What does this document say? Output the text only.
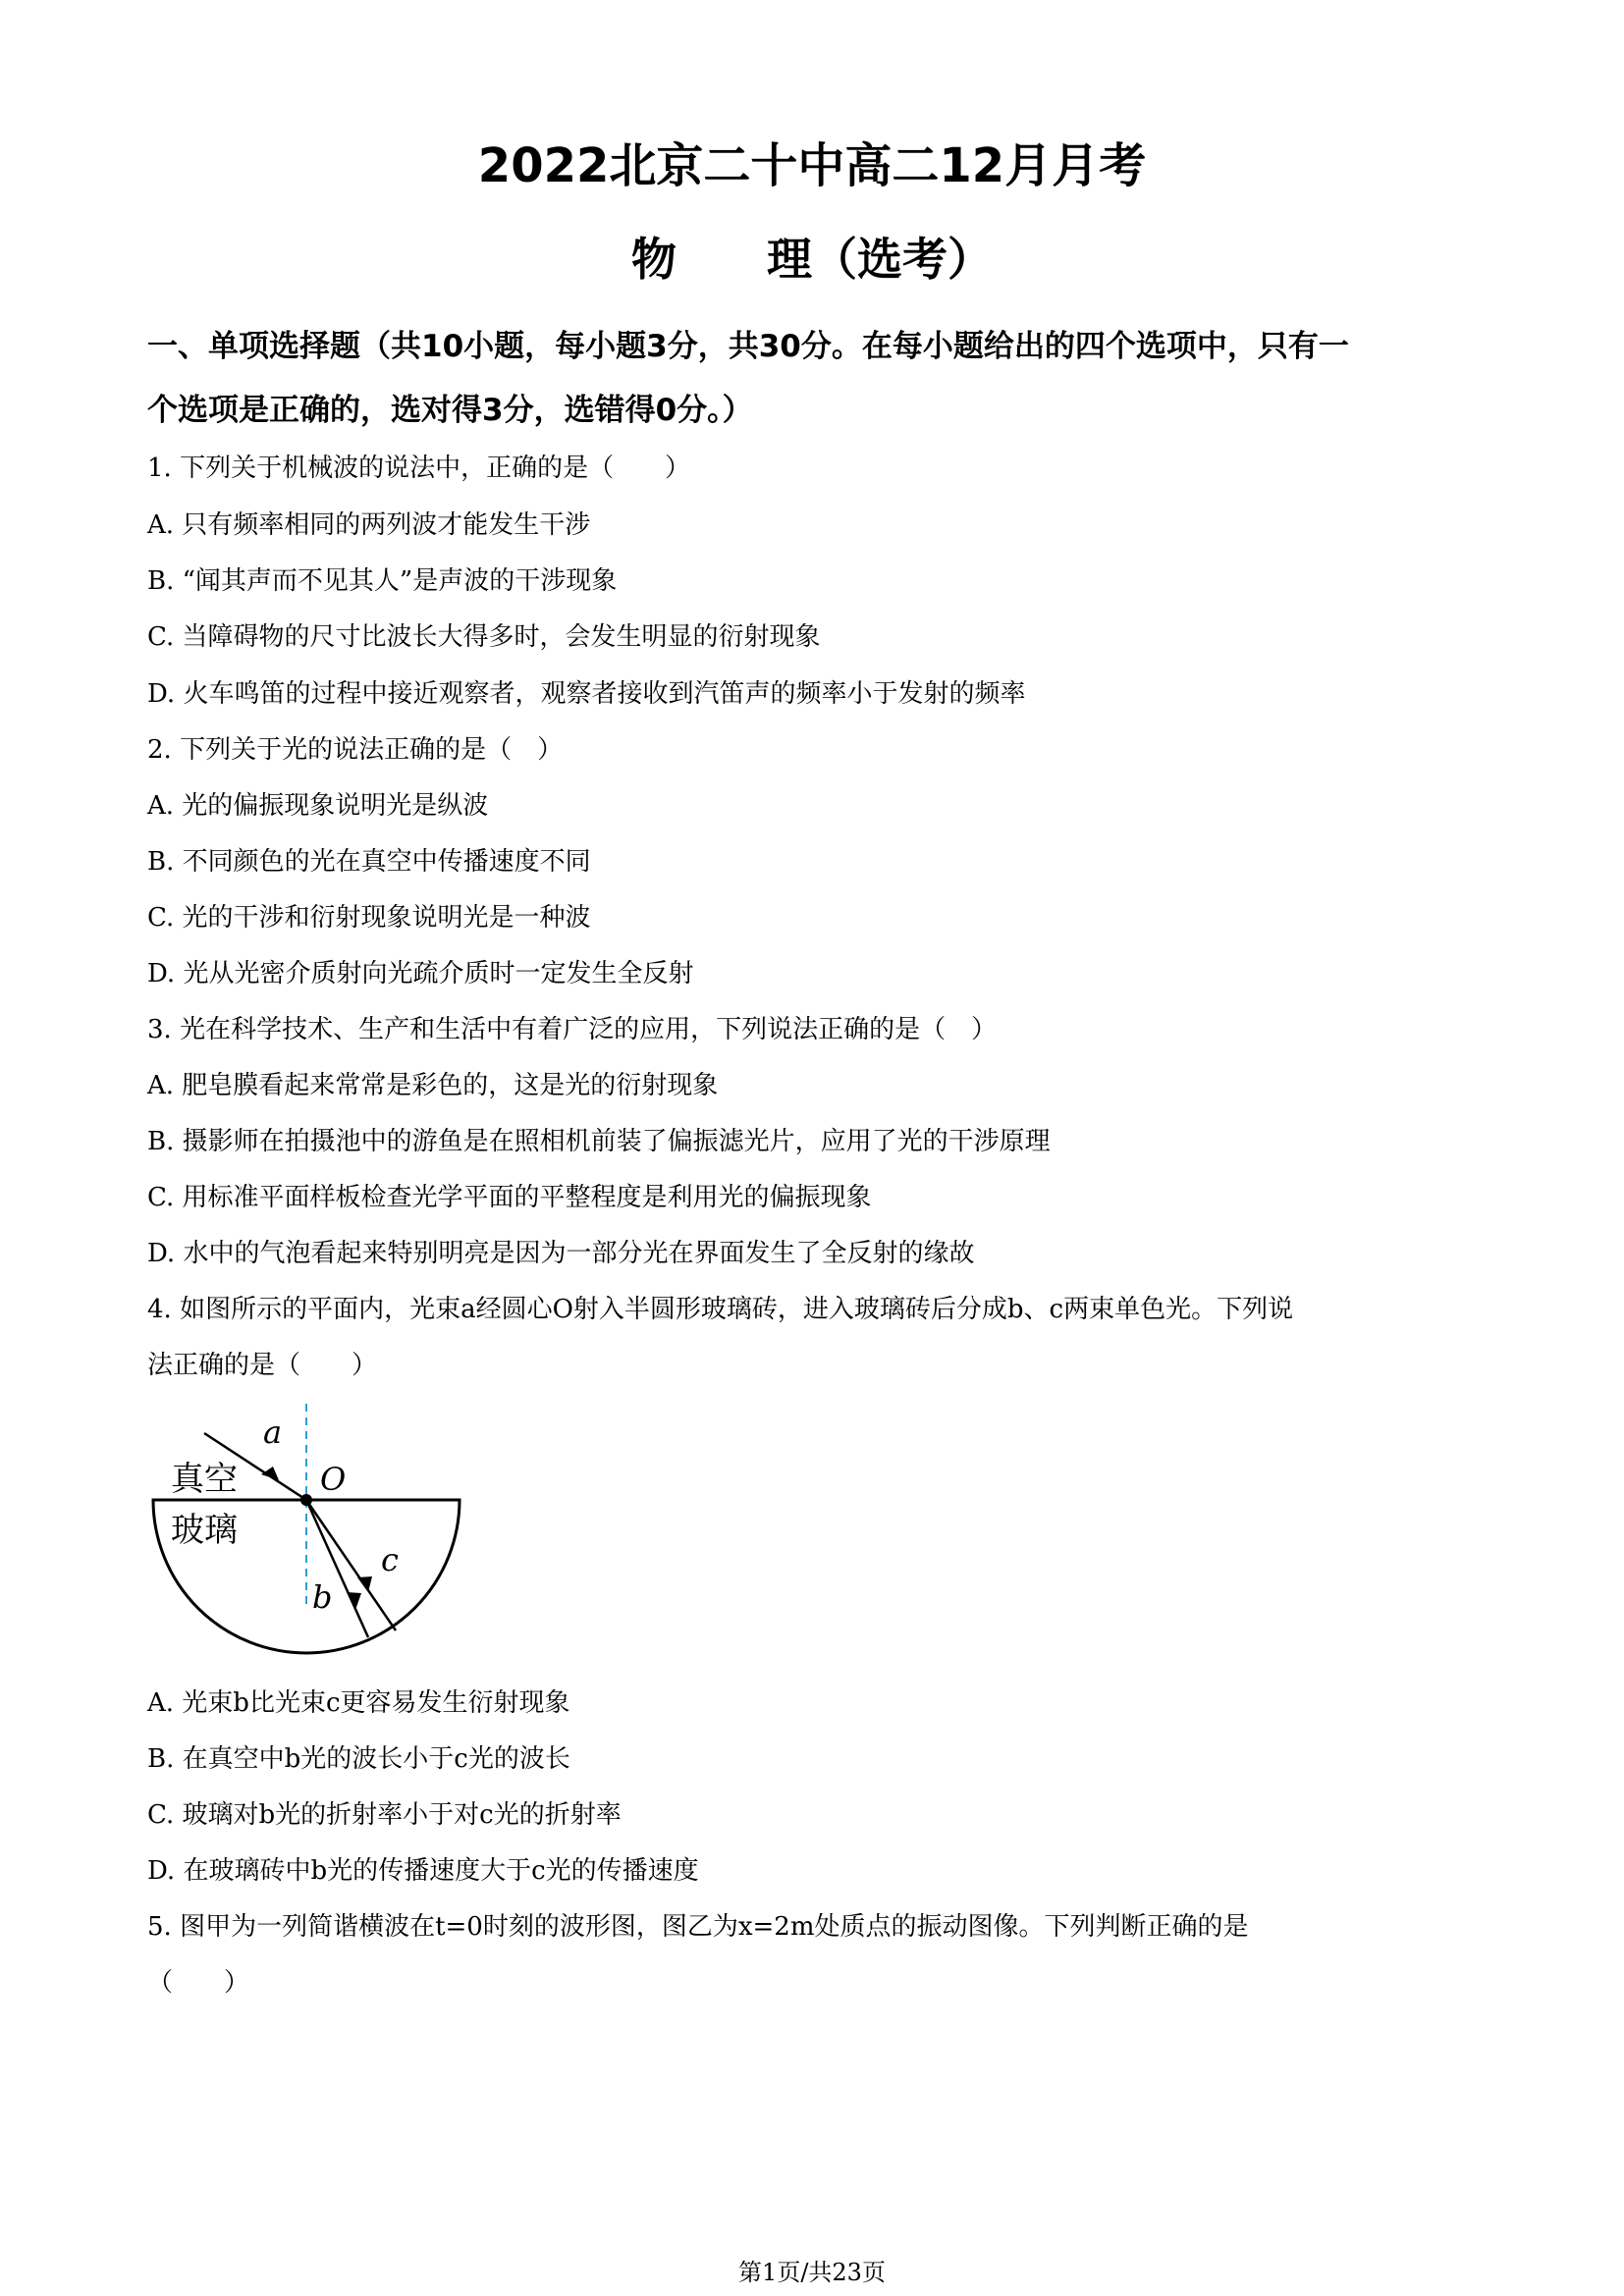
2022北京二十中高二12月月考
物　　理（选考）
一、单项选择题（共10小题，每小题3分，共30分。在每小题给出的四个选项中，只有一
个选项是正确的，选对得3分，选错得0分。）
1. 下列关于机械波的说法中，正确的是（　　）
A. 只有频率相同的两列波才能发生干涉
B. “闻其声而不见其人”是声波的干涉现象
C. 当障碍物的尺寸比波长大得多时，会发生明显的衍射现象
D. 火车鸣笛的过程中接近观察者，观察者接收到汽笛声的频率小于发射的频率
2. 下列关于光的说法正确的是（　）
A. 光的偏振现象说明光是纵波
B. 不同颜色的光在真空中传播速度不同
C. 光的干涉和衍射现象说明光是一种波
D. 光从光密介质射向光疏介质时一定发生全反射
3. 光在科学技术、生产和生活中有着广泛的应用，下列说法正确的是（　）
A. 肥皂膜看起来常常是彩色的，这是光的衍射现象
B. 摄影师在拍摄池中的游鱼是在照相机前装了偏振滤光片，应用了光的干涉原理
C. 用标准平面样板检查光学平面的平整程度是利用光的偏振现象
D. 水中的气泡看起来特别明亮是因为一部分光在界面发生了全反射的缘故
4. 如图所示的平面内，光束a经圆心O射入半圆形玻璃砖，进入玻璃砖后分成b、c两束单色光。下列说
法正确的是（　　）
a
O
c
b
真空
玻璃
A. 光束b比光束c更容易发生衍射现象
B. 在真空中b光的波长小于c光的波长
C. 玻璃对b光的折射率小于对c光的折射率
D. 在玻璃砖中b光的传播速度大于c光的传播速度
5. 图甲为一列简谐横波在t=0时刻的波形图，图乙为x=2m处质点的振动图像。下列判断正确的是
（　　）
第1页/共23页
